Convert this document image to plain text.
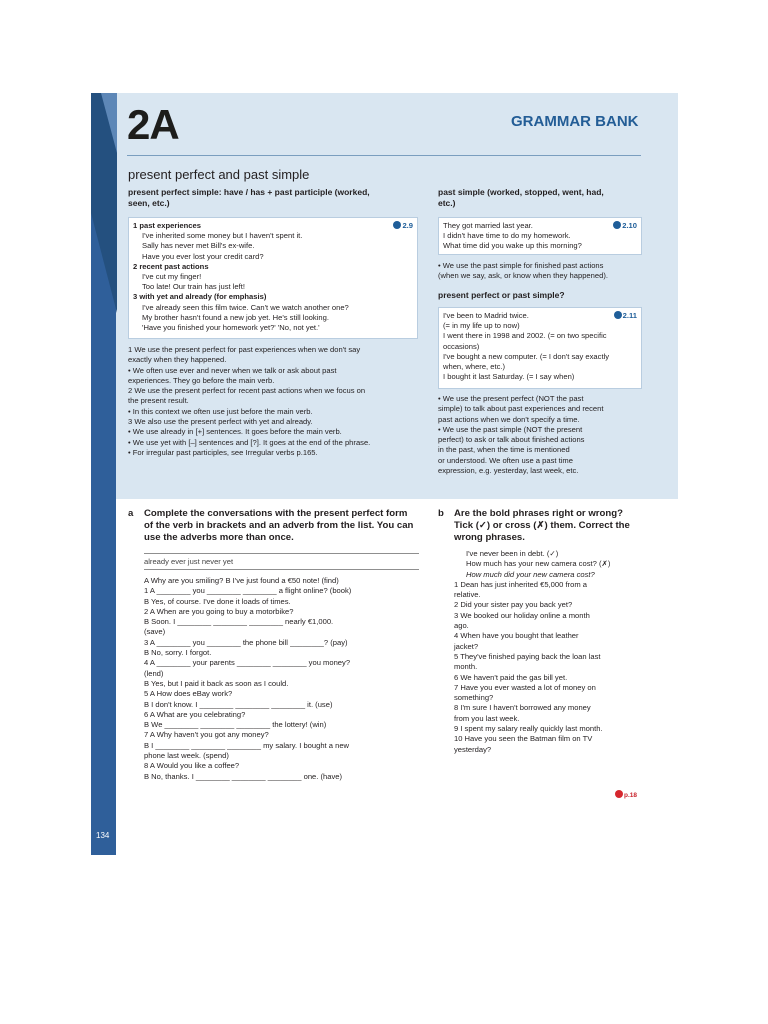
2A	GRAMMAR BANK
present perfect and past simple
present perfect simple: have / has + past participle (worked,
seen, etc.)
2.9
1 past experiences
I've inherited some money but I haven't spent it.
Sally has never met Bill's ex-wife.
Have you ever lost your credit card?
2 recent past actions
I've cut my finger!
Too late! Our train has just left!
3 with yet and already (for emphasis)
I've already seen this film twice. Can't we watch another one?
My brother hasn't found a new job yet. He's still looking.
'Have you finished your homework yet?' 'No, not yet.'
1 We use the present perfect for past experiences when we don't say
exactly when they happened.
• We often use ever and never when we talk or ask about past
experiences. They go before the main verb.
2 We use the present perfect for recent past actions when we focus on
the present result.
• In this context we often use just before the main verb.
3 We also use the present perfect with yet and already.
• We use already in [+] sentences. It goes before the main verb.
• We use yet with [–] sentences and [?]. It goes at the end of the phrase.
• For irregular past participles, see Irregular verbs p.165.
past simple (worked, stopped, went, had,
etc.)
2.10
They got married last year.
I didn't have time to do my homework.
What time did you wake up this morning?
• We use the past simple for finished past actions
(when we say, ask, or know when they happened).
present perfect or past simple?
2.11
I've been to Madrid twice.
(= in my life up to now)
I went there in 1998 and 2002. (= on two specific
occasions)
I've bought a new computer. (= I don't say exactly
when, where, etc.)
I bought it last Saturday. (= I say when)
• We use the present perfect (NOT the past
simple) to talk about past experiences and recent
past actions when we don't specify a time.
• We use the past simple (NOT the present
perfect) to ask or talk about finished actions
in the past, when the time is mentioned
or understood. We often use a past time
expression, e.g. yesterday, last week, etc.
a Complete the conversations with the present perfect form
of the verb in brackets and an adverb from the list. You can
use the adverbs more than once.
already ever just never yet
A Why are you smiling? B I've just found a €50 note! (find)
1 A ________ you ________ ________ a flight online? (book)
B Yes, of course. I've done it loads of times.
2 A When are you going to buy a motorbike?
B Soon. I ________ ________ ________ nearly €1,000.
(save)
3 A ________ you ________ the phone bill ________? (pay)
B No, sorry. I forgot.
4 A ________ your parents ________ ________ you money?
(lend)
B Yes, but I paid it back as soon as I could.
5 A How does eBay work?
B I don't know. I ________ ________ ________ it. (use)
6 A What are you celebrating?
B We ________ ________ ________ the lottery! (win)
7 A Why haven't you got any money?
B I ________ ________ ________ my salary. I bought a new
phone last week. (spend)
8 A Would you like a coffee?
B No, thanks. I ________ ________ ________ one. (have)
b Are the bold phrases right or wrong?
Tick (✓) or cross (✗) them. Correct the
wrong phrases.
I've never been in debt. (✓)
How much has your new camera cost? (✗)
How much did your new camera cost?
1 Dean has just inherited €5,000 from a
relative.
2 Did your sister pay you back yet?
3 We booked our holiday online a month
ago.
4 When have you bought that leather
jacket?
5 They've finished paying back the loan last
month.
6 We haven't paid the gas bill yet.
7 Have you ever wasted a lot of money on
something?
8 I'm sure I haven't borrowed any money
from you last week.
9 I spent my salary really quickly last month.
10 Have you seen the Batman film on TV
yesterday?
p.18
134
